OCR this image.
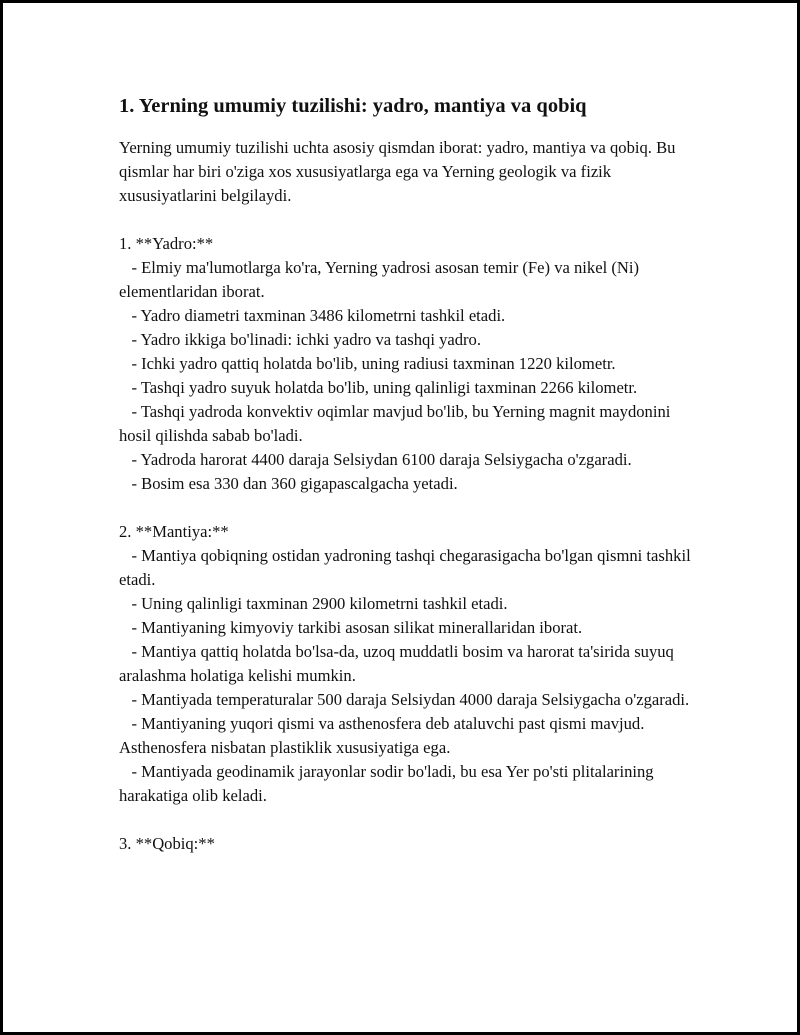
1. Yerning umumiy tuzilishi: yadro, mantiya va qobiq

Yerning umumiy tuzilishi uchta asosiy qismdan iborat: yadro, mantiya va qobiq. Bu qismlar har biri o'ziga xos xususiyatlarga ega va Yerning geologik va fizik xususiyatlarini belgilaydi.

1. **Yadro:**
- Elmiy ma'lumotlarga ko'ra, Yerning yadrosi asosan temir (Fe) va nikel (Ni) elementlaridan iborat.
- Yadro diametri taxminan 3486 kilometrni tashkil etadi.
- Yadro ikkiga bo'linadi: ichki yadro va tashqi yadro.
- Ichki yadro qattiq holatda bo'lib, uning radiusi taxminan 1220 kilometr.
- Tashqi yadro suyuk holatda bo'lib, uning qalinligi taxminan 2266 kilometr.
- Tashqi yadroda konvektiv oqimlar mavjud bo'lib, bu Yerning magnit maydonini hosil qilishda sabab bo'ladi.
- Yadroda harorat 4400 daraja Selsiydan 6100 daraja Selsiygacha o'zgaradi.
- Bosim esa 330 dan 360 gigapascalgacha yetadi.

2. **Mantiya:**
- Mantiya qobiqning ostidan yadroning tashqi chegarasigacha bo'lgan qismni tashkil etadi.
- Uning qalinligi taxminan 2900 kilometrni tashkil etadi.
- Mantiyaning kimyoviy tarkibi asosan silikat minerallaridan iborat.
- Mantiya qattiq holatda bo'lsa-da, uzoq muddatli bosim va harorat ta'sirida suyuq aralashma holatiga kelishi mumkin.
- Mantiyada temperaturalar 500 daraja Selsiydan 4000 daraja Selsiygacha o'zgaradi.
- Mantiyaning yuqori qismi va asthenosfera deb ataluvchi past qismi mavjud. Asthenosfera nisbatan plastiklik xususiyatiga ega.
- Mantiyada geodinamik jarayonlar sodir bo'ladi, bu esa Yer po'sti plitalarining harakatiga olib keladi.

3. **Qobiq:**
